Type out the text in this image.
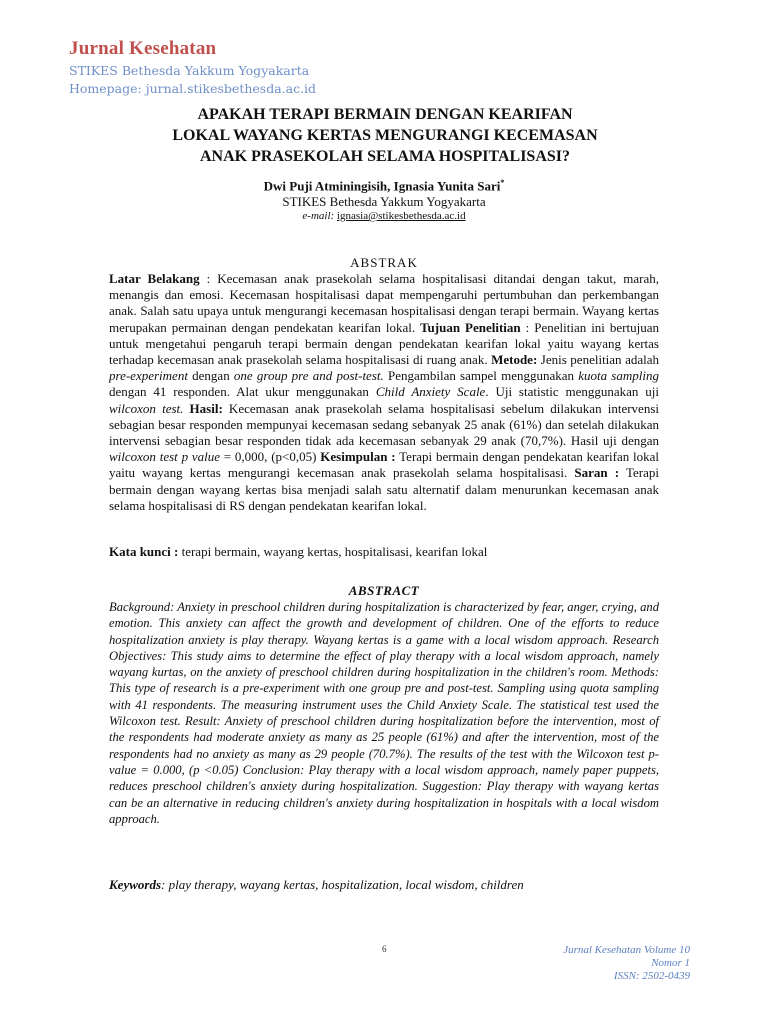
Jurnal Kesehatan
STIKES Bethesda Yakkum Yogyakarta
Homepage: jurnal.stikesbethesda.ac.id
APAKAH TERAPI BERMAIN DENGAN KEARIFAN
LOKAL WAYANG KERTAS MENGURANGI KECEMASAN
ANAK PRASEKOLAH SELAMA HOSPITALISASI?
Dwi Puji Atminingisih, Ignasia Yunita Sari*
STIKES Bethesda Yakkum Yogyakarta
e-mail: ignasia@stikesbethesda.ac.id
ABSTRAK
Latar Belakang : Kecemasan anak prasekolah selama hospitalisasi ditandai dengan takut, marah, menangis dan emosi. Kecemasan hospitalisasi dapat mempengaruhi pertumbuhan dan perkembangan anak. Salah satu upaya untuk mengurangi kecemasan hospitalisasi dengan terapi bermain. Wayang kertas merupakan permainan dengan pendekatan kearifan lokal. Tujuan Penelitian : Penelitian ini bertujuan untuk mengetahui pengaruh terapi bermain dengan pendekatan kearifan lokal yaitu wayang kertas terhadap kecemasan anak prasekolah selama hospitalisasi di ruang anak. Metode: Jenis penelitian adalah pre-experiment dengan one group pre and post-test. Pengambilan sampel menggunakan kuota sampling dengan 41 responden. Alat ukur menggunakan Child Anxiety Scale. Uji statistic menggunakan uji wilcoxon test. Hasil: Kecemasan anak prasekolah selama hospitalisasi sebelum dilakukan intervensi sebagian besar responden mempunyai kecemasan sedang sebanyak 25 anak (61%) dan setelah dilakukan intervensi sebagian besar responden tidak ada kecemasan sebanyak 29 anak (70,7%). Hasil uji dengan wilcoxon test p value = 0,000, (p<0,05) Kesimpulan : Terapi bermain dengan pendekatan kearifan lokal yaitu wayang kertas mengurangi kecemasan anak prasekolah selama hospitalisasi. Saran : Terapi bermain dengan wayang kertas bisa menjadi salah satu alternatif dalam menurunkan kecemasan anak selama hospitalisasi di RS dengan pendekatan kearifan lokal.
Kata kunci : terapi bermain, wayang kertas, hospitalisasi, kearifan lokal
ABSTRACT
Background: Anxiety in preschool children during hospitalization is characterized by fear, anger, crying, and emotion. This anxiety can affect the growth and development of children. One of the efforts to reduce hospitalization anxiety is play therapy. Wayang kertas is a game with a local wisdom approach. Research Objectives: This study aims to determine the effect of play therapy with a local wisdom approach, namely wayang kurtas, on the anxiety of preschool children during hospitalization in the children's room. Methods: This type of research is a pre-experiment with one group pre and post-test. Sampling using quota sampling with 41 respondents. The measuring instrument uses the Child Anxiety Scale. The statistical test used the Wilcoxon test. Result: Anxiety of preschool children during hospitalization before the intervention, most of the respondents had moderate anxiety as many as 25 people (61%) and after the intervention, most of the respondents had no anxiety as many as 29 people (70.7%). The results of the test with the Wilcoxon test p- value = 0.000, (p <0.05) Conclusion: Play therapy with a local wisdom approach, namely paper puppets, reduces preschool children's anxiety during hospitalization. Suggestion: Play therapy with wayang kertas can be an alternative in reducing children's anxiety during hospitalization in hospitals with a local wisdom approach.
Keywords: play therapy, wayang kertas, hospitalization, local wisdom, children
6	Jurnal Kesehatan Volume 10
Nomor 1
ISSN: 2502-0439
